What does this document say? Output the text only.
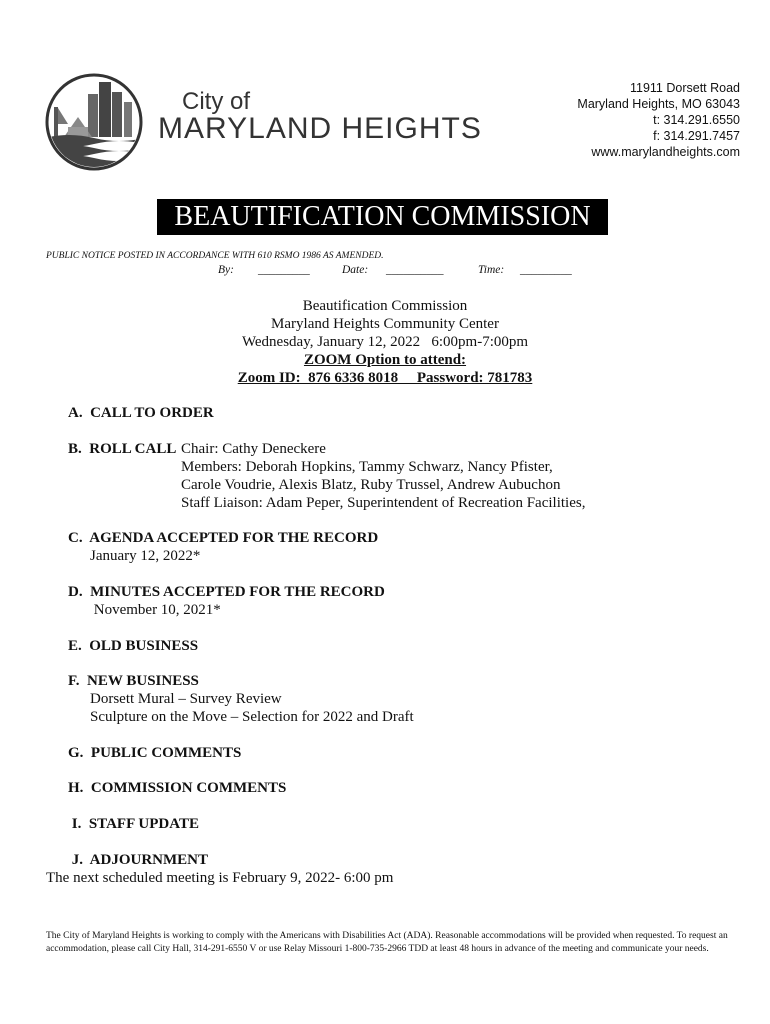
City of
MARYLAND HEIGHTS
11911 Dorsett Road
Maryland Heights, MO 63043
t: 314.291.6550
f: 314.291.7457
www.marylandheights.com
BEAUTIFICATION COMMISSION
PUBLIC NOTICE POSTED IN ACCORDANCE WITH 610 RSMO 1986 AS AMENDED.
By: _________	Date: __________	Time: _________
Beautification Commission
Maryland Heights Community Center
Wednesday, January 12, 2022   6:00pm-7:00pm
ZOOM Option to attend:
Zoom ID:  876 6336 8018     Password: 781783
A.  CALL TO ORDER
B.  ROLL CALL Chair: Cathy Deneckere
Members: Deborah Hopkins, Tammy Schwarz, Nancy Pfister,
Carole Voudrie, Alexis Blatz, Ruby Trussel, Andrew Aubuchon
Staff Liaison: Adam Peper, Superintendent of Recreation Facilities,
C.  AGENDA ACCEPTED FOR THE RECORD
January 12, 2022*
D.  MINUTES ACCEPTED FOR THE RECORD
November 10, 2021*
E.  OLD BUSINESS
F.  NEW BUSINESS
Dorsett Mural – Survey Review
Sculpture on the Move – Selection for 2022 and Draft
G.  PUBLIC COMMENTS
H.  COMMISSION COMMENTS
I.  STAFF UPDATE
J.  ADJOURNMENT
The next scheduled meeting is February 9, 2022- 6:00 pm
The City of Maryland Heights is working to comply with the Americans with Disabilities Act (ADA). Reasonable accommodations will be provided when requested. To request an accommodation, please call City Hall, 314-291-6550 V or use Relay Missouri 1-800-735-2966 TDD at least 48 hours in advance of the meeting and communicate your needs.
